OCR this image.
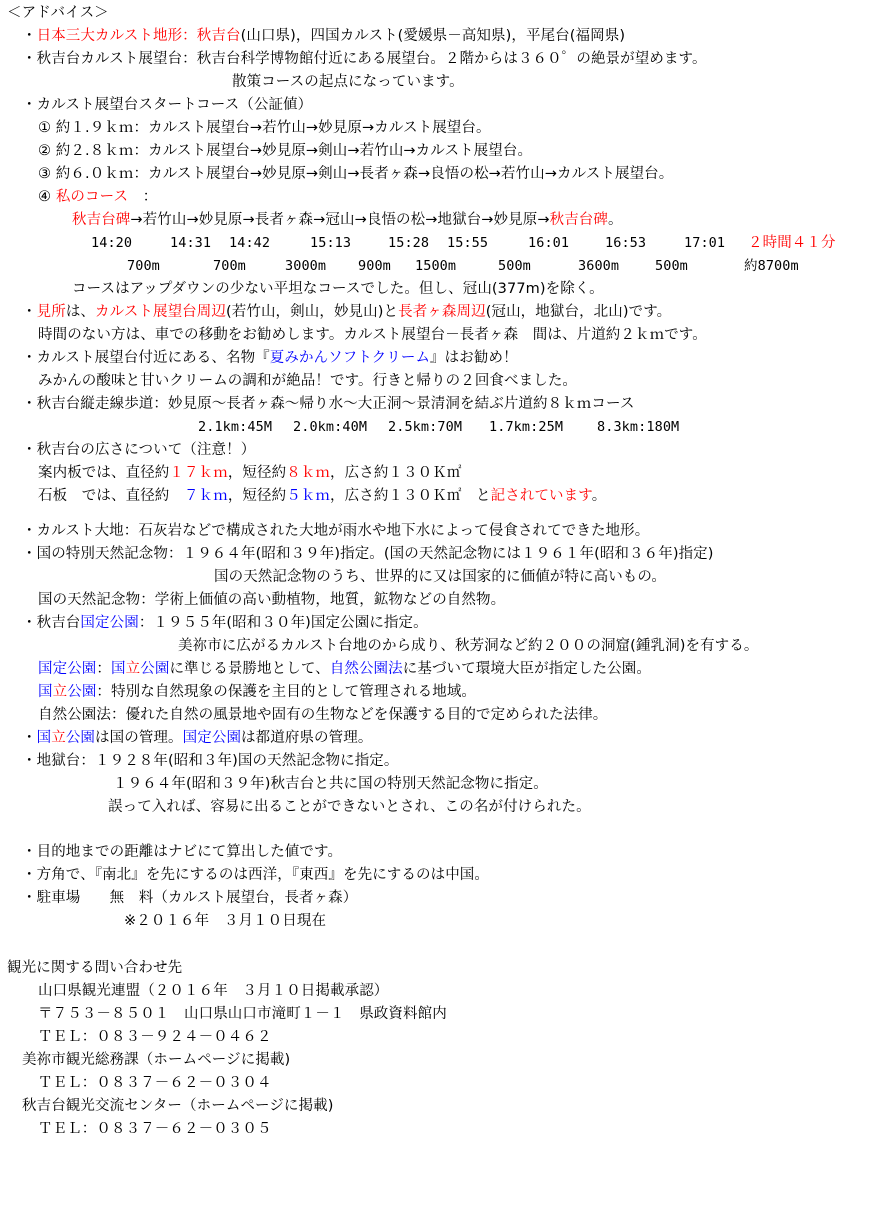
＜アドバイス＞
・日本三大カルスト地形：秋吉台(山口県)，四国カルスト(愛媛県－高知県)，平尾台(福岡県)
・秋吉台カルスト展望台：秋吉台科学博物館付近にある展望台。２階からは３６０゜の絶景が望めます。
散策コースの起点になっています。
・カルスト展望台スタートコース（公証値）
① 約１.９ｋｍ：カルスト展望台→若竹山→妙見原→カルスト展望台。
② 約２.８ｋｍ：カルスト展望台→妙見原→剣山→若竹山→カルスト展望台。
③ 約６.０ｋｍ：カルスト展望台→妙見原→剣山→長者ヶ森→良悟の松→若竹山→カルスト展望台。
④ 私のコース　 ：
秋吉台碑→若竹山→妙見原→長者ヶ森→冠山→良悟の松→地獄台→妙見原→秋吉台碑。
14:20	14:31 14:42	15:13	15:28 15:55	16:01	16:53	17:01 ２時間４１分
700m	700m	3000m 900m 1500m	500m	3600m	500m	約8700m
コースはアップダウンの少ない平坦なコースでした。但し、冠山(377m)を除く。
・見所は、カルスト展望台周辺(若竹山，剣山，妙見山)と長者ヶ森周辺(冠山，地獄台，北山)です。
時間のない方は、車での移動をお勧めします。カルスト展望台－長者ヶ森　間は、片道約２ｋｍです。
・カルスト展望台付近にある、名物『夏みかんソフトクリーム』はお勧め！
みかんの酸味と甘いクリームの調和が絶品！です。行きと帰りの２回食べました。
・秋吉台縦走線歩道：妙見原～長者ヶ森～帰り水～大正洞～景清洞を結ぶ片道約８ｋｍコース
2.1km:45M 2.0km:40M 2.5km:70M 1.7km:25M	8.3km:180M
・秋吉台の広さについて（注意！）
案内板では、直径約１７ｋｍ，短径約８ｋｍ，広さ約１３０Ｋ㎡
石板　では、直径約　 ７ｋｍ，短径約５ｋｍ，広さ約１３０Ｋ㎡　と記されています。
・カルスト大地：石灰岩などで構成された大地が雨水や地下水によって侵食されてできた地形。
・国の特別天然記念物：１９６４年(昭和３９年)指定。(国の天然記念物には１９６１年(昭和３６年)指定)
国の天然記念物のうち、世界的に又は国家的に価値が特に高いもの。
国の天然記念物：学術上価値の高い動植物，地質，鉱物などの自然物。
・秋吉台国定公園：１９５５年(昭和３０年)国定公園に指定。
美祢市に広がるカルスト台地のから成り、秋芳洞など約２００の洞窟(鍾乳洞)を有する。
国定公園：国立公園に準じる景勝地として、自然公園法に基づいて環境大臣が指定した公園。
国立公園：特別な自然現象の保護を主目的として管理される地域。
自然公園法：優れた自然の風景地や固有の生物などを保護する目的で定められた法律。
・国立公園は国の管理。国定公園は都道府県の管理。
・地獄台：１９２８年(昭和３年)国の天然記念物に指定。
１９６４年(昭和３９年)秋吉台と共に国の特別天然記念物に指定。
誤って入れば、容易に出ることができないとされ、この名が付けられた。
・目的地までの距離はナビにて算出した値です。
・方角で、『南北』を先にするのは西洋，『東西』を先にするのは中国。
・駐車場　　無　料（カルスト展望台，長者ヶ森）
※２０１６年　３月１０日現在
観光に関する問い合わせ先
山口県観光連盟（２０１６年　３月１０日掲載承認）
〒７５３－８５０１　山口県山口市滝町１－１　県政資料館内
ＴＥＬ：０８３－９２４－０４６２
美祢市観光総務課（ホームページに掲載)
ＴＥＬ：０８３７－６２－０３０４
秋吉台観光交流センター（ホームページに掲載)
ＴＥＬ：０８３７－６２－０３０５
